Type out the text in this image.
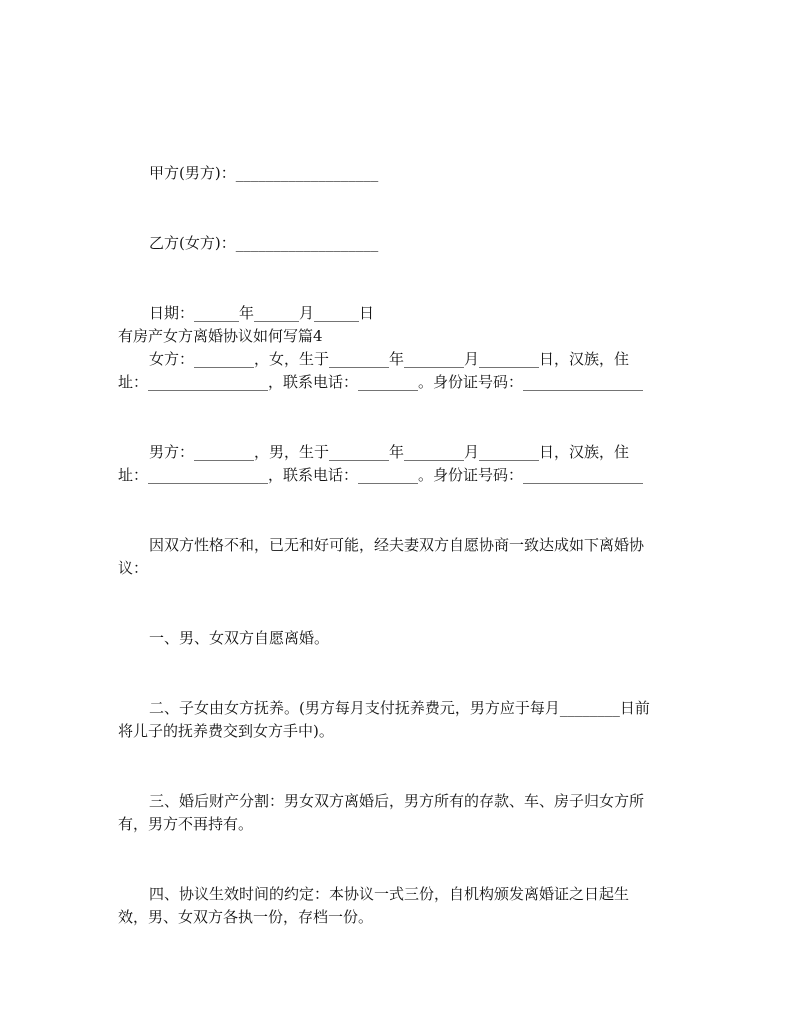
甲方(男方)：___________________
乙方(女方)：___________________
日期：______年______月______日
有房产女方离婚协议如何写篇4
女方：________，女，生于________年________月________日，汉族，住
址：________________，联系电话：________。身份证号码：________________
男方：________，男，生于________年________月________日，汉族，住
址：________________，联系电话：________。身份证号码：________________
因双方性格不和，已无和好可能，经夫妻双方自愿协商一致达成如下离婚协
议：
一、男、女双方自愿离婚。
二、子女由女方抚养。(男方每月支付抚养费元，男方应于每月________日前
将儿子的抚养费交到女方手中)。
三、婚后财产分割：男女双方离婚后，男方所有的存款、车、房子归女方所
有，男方不再持有。
四、协议生效时间的约定：本协议一式三份，自机构颁发离婚证之日起生
效，男、女双方各执一份，存档一份。
